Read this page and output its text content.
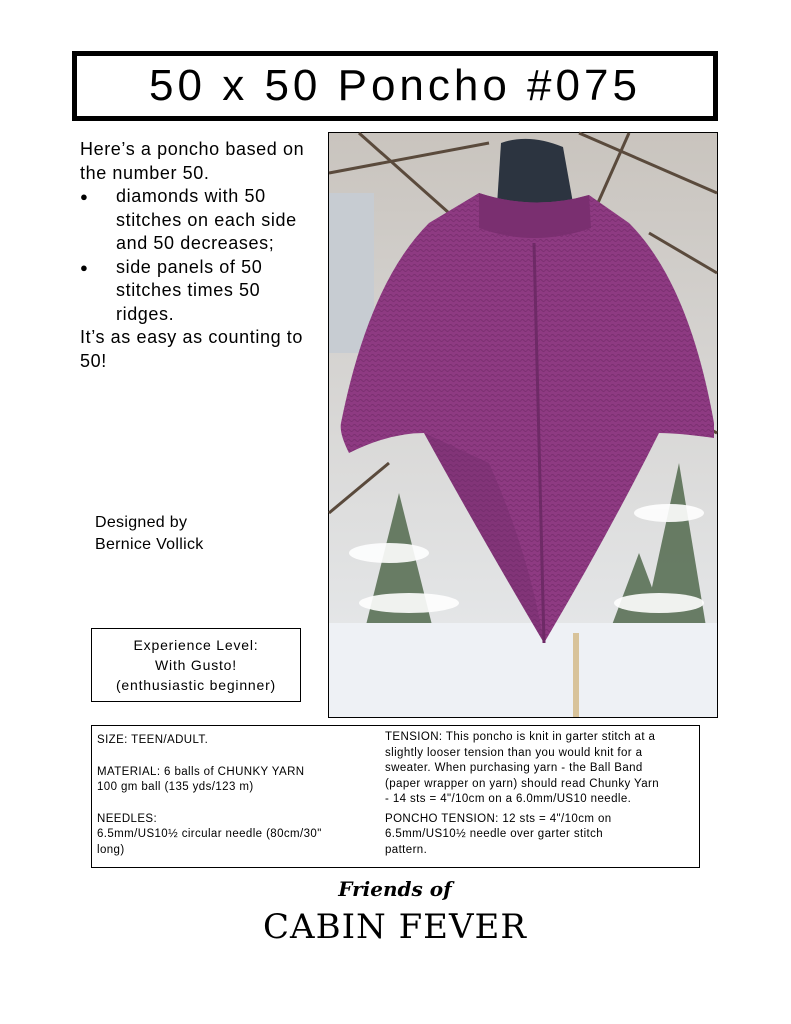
50 x 50 Poncho #075

Here’s a poncho based on the number 50.

● diamonds with 50 stitches on each side and 50 decreases;
● side panels of 50 stitches times 50 ridges.

It’s as easy as counting to 50!

Designed by
Bernice Vollick
Experience Level:
With Gusto!
(enthusiastic beginner)
SIZE: TEEN/ADULT.
MATERIAL: 6 balls of CHUNKY YARN
100 gm ball (135 yds/123 m)
NEEDLES:
6.5mm/US10½ circular needle (80cm/30"
long)
TENSION: This poncho is knit in garter stitch at a
slightly looser tension than you would knit for a
sweater. When purchasing yarn - the Ball Band
(paper wrapper on yarn) should read Chunky Yarn
- 14 sts = 4"/10cm on a 6.0mm/US10 needle.
PONCHO TENSION: 12 sts = 4"/10cm on
6.5mm/US10½ needle over garter stitch
pattern.
Friends of
CABIN FEVER
